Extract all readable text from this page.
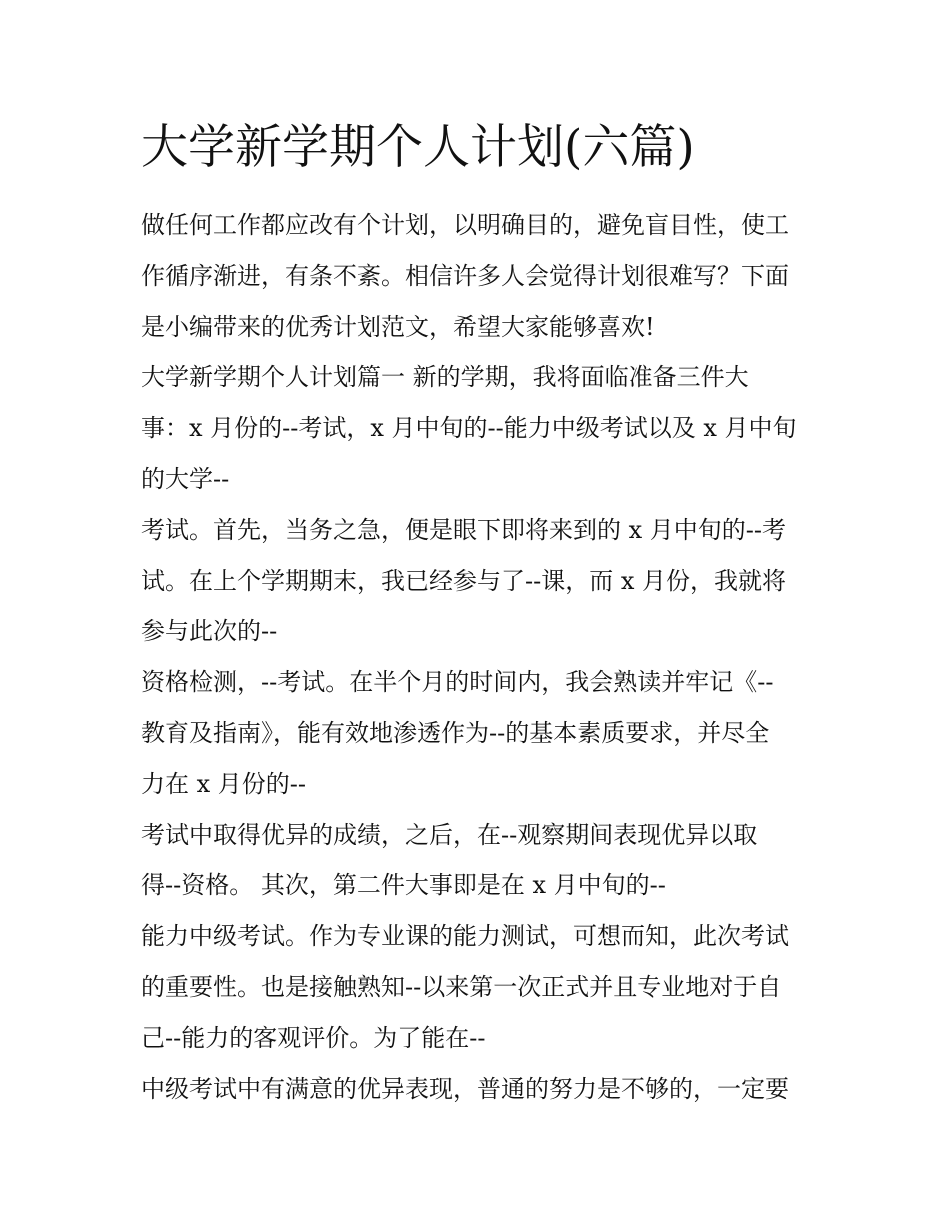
大学新学期个人计划(六篇)
做任何工作都应改有个计划，以明确目的，避免盲目性，使工
作循序渐进，有条不紊。相信许多人会觉得计划很难写？下面
是小编带来的优秀计划范文，希望大家能够喜欢!
大学新学期个人计划篇一 新的学期，我将面临准备三件大
事：x 月份的--考试，x 月中旬的--能力中级考试以及 x 月中旬
的大学--
考试。首先，当务之急，便是眼下即将来到的 x 月中旬的--考
试。在上个学期期末，我已经参与了--课，而 x 月份，我就将
参与此次的--
资格检测，--考试。在半个月的时间内，我会熟读并牢记《--
教育及指南》，能有效地渗透作为--的基本素质要求，并尽全
力在 x 月份的--
考试中取得优异的成绩，之后，在--观察期间表现优异以取
得--资格。 其次，第二件大事即是在 x 月中旬的--
能力中级考试。作为专业课的能力测试，可想而知，此次考试
的重要性。也是接触熟知--以来第一次正式并且专业地对于自
己--能力的客观评价。为了能在--
中级考试中有满意的优异表现，普通的努力是不够的，一定要
